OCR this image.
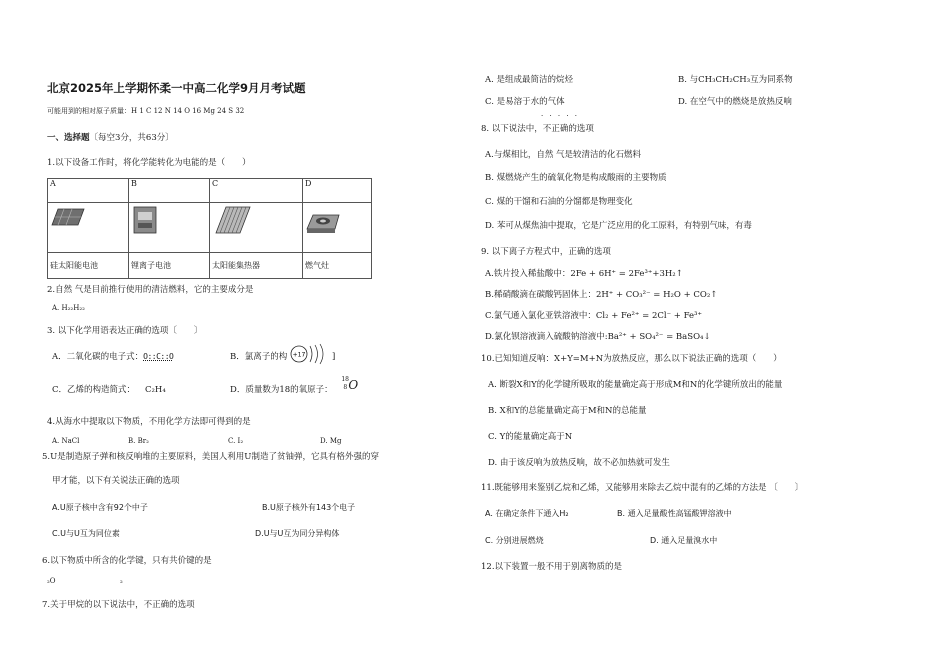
北京2025年上学期怀柔一中高二化学9月月考试题
可能用到的相对原子质量：H 1 C 12 N 14 O 16 Mg 24 S 32
一、选择题〔每空3分，共63分〕
1.以下设备工作时，将化学能转化为电能的是（　　）
A	B	C	D

硅太阳能电池	锂离子电池	太阳能集热器	燃气灶
2.自然 气是目前推行使用的清洁燃料，它的主要成分是
A. H₂₂H₂₂
3. 以下化学用语表达正确的选项〔　　〕
A．二氧化碳的电子式：O::C::O	B．氯离子的构 +17	]
C．乙烯的构造简式： C₂H₄	D．质量数为18的氧原子：
18
8 O
4.从海水中提取以下物质，不用化学方法即可得到的是
A. NaCl	B. Br₂	C. I₂	D. Mg
5.U是制造原子弹和核反响堆的主要原料，美国人利用U制造了贫铀弹，它具有格外强的穿
甲才能，以下有关说法正确的选项
A.U原子核中含有92个中子	B.U原子核外有143个电子
C.U与U互为同位素	D.U与U互为同分异构体
6.以下物质中所含的化学键，只有共价键的是
₂O	₂
7.关于甲烷的以下说法中，不正确的选项
A. 是组成最简洁的烷烃	B. 与CH₃CH₂CH₃互为同系物
C. 是易溶于水的气体	D. 在空气中的燃烧是放热反响
· · · · ·
8. 以下说法中，不正确的选项
A.与煤相比，自然 气是较清洁的化石燃料
B. 煤燃烧产生的硫氧化物是构成酸雨的主要物质
C. 煤的干馏和石油的分馏都是物理变化
D. 苯可从煤焦油中提取，它是广泛应用的化工原料，有特别气味，有毒
9. 以下离子方程式中，正确的选项
A.铁片投入稀盐酸中：2Fe + 6H⁺ = 2Fe³⁺+3H₂↑
B.稀硝酸滴在碳酸钙固体上：2H⁺ + CO₃²⁻ = H₂O + CO₂↑
C.氯气通入氯化亚铁溶液中：Cl₂ + Fe²⁺ = 2Cl⁻ + Fe³⁺
D.氯化钡溶液滴入硫酸钠溶液中:Ba²⁺ + SO₄²⁻ = BaSO₄↓
10.已知知道反响：X+Y=M+N为放热反应，那么以下说法正确的选项（　　）
A. 断裂X和Y的化学键所吸取的能量确定高于形成M和N的化学键所放出的能量
B. X和Y的总能量确定高于M和N的总能量
C. Y的能量确定高于N
D. 由于该反响为放热反响，故不必加热就可发生
11.既能够用来鉴别乙烷和乙烯，又能够用来除去乙烷中混有的乙烯的方法是 〔　　〕
A. 在确定条件下通入H₂	B. 通入足量酸性高锰酸钾溶液中
C. 分别进展燃烧	D. 通入足量溴水中
12.以下装置一般不用于别离物质的是
